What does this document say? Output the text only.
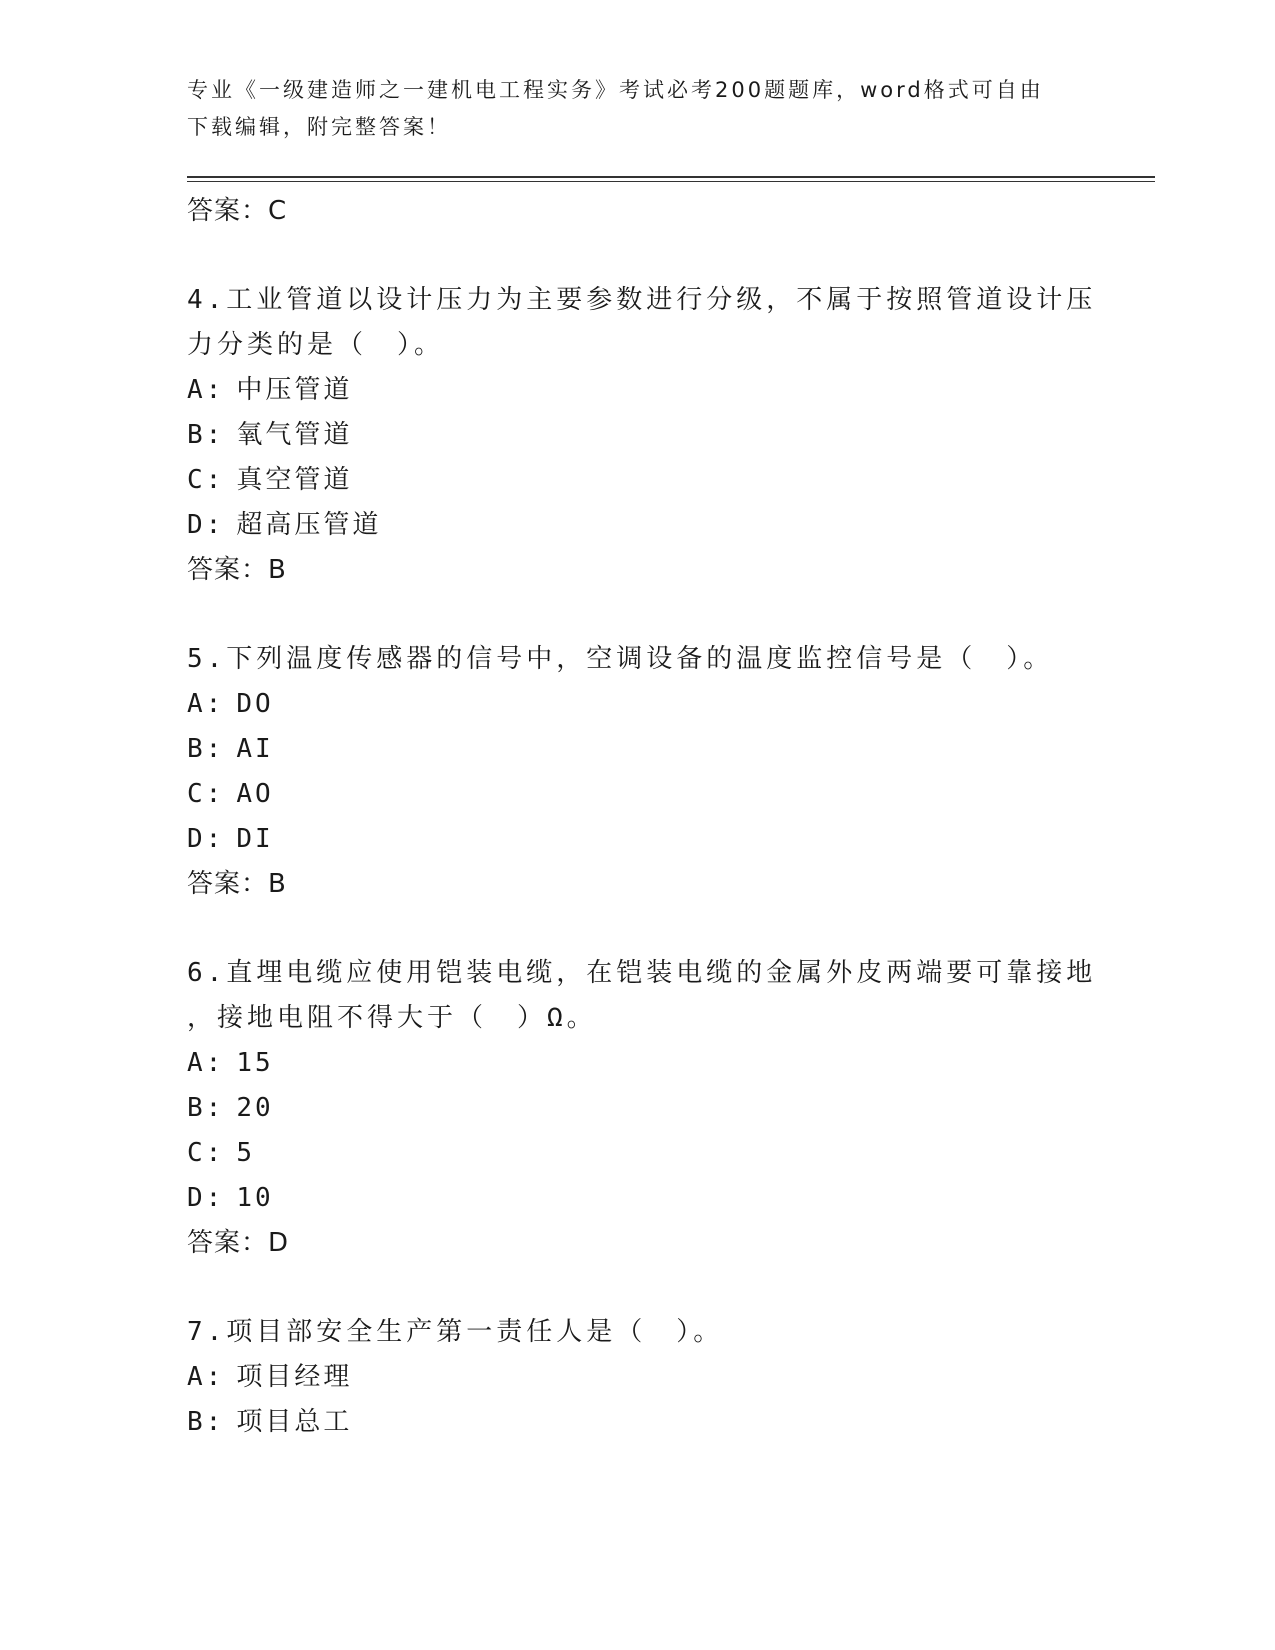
专业《一级建造师之一建机电工程实务》考试必考200题题库，word格式可自由
下载编辑，附完整答案！
答案：C
4.工业管道以设计压力为主要参数进行分级，不属于按照管道设计压
力分类的是（　）。
A: 中压管道
B: 氧气管道
C: 真空管道
D: 超高压管道
答案：B
5.下列温度传感器的信号中，空调设备的温度监控信号是（　）。
A: DO
B: AI
C: AO
D: DI
答案：B
6.直埋电缆应使用铠装电缆，在铠装电缆的金属外皮两端要可靠接地
，接地电阻不得大于（　）Ω。
A: 15
B: 20
C: 5
D: 10
答案：D
7.项目部安全生产第一责任人是（　）。
A: 项目经理
B: 项目总工
